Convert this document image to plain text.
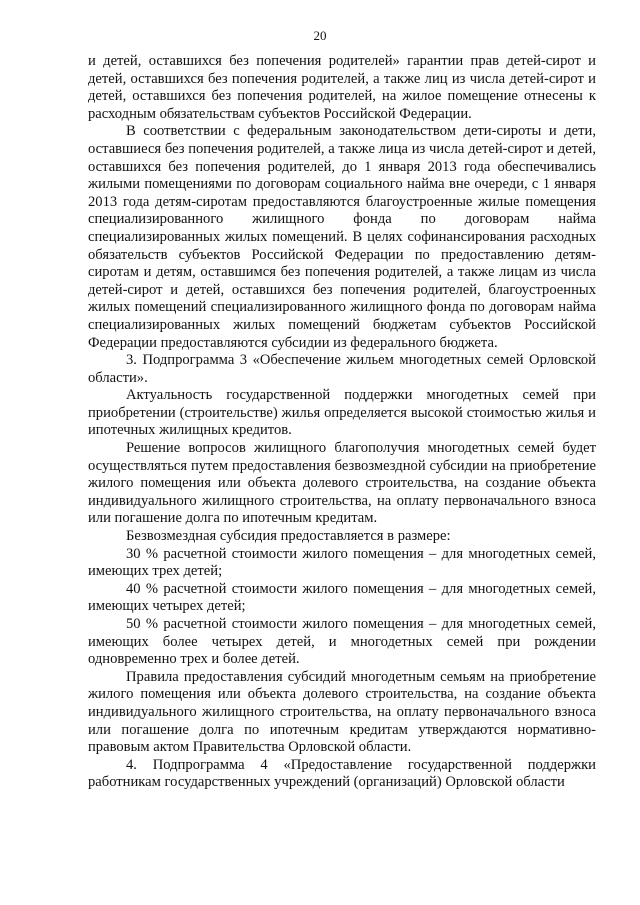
20

и детей, оставшихся без попечения родителей» гарантии прав детей-сирот и детей, оставшихся без попечения родителей, а также лиц из числа детей-сирот и детей, оставшихся без попечения родителей, на жилое помещение отнесены к расходным обязательствам субъектов Российской Федерации.

В соответствии с федеральным законодательством дети-сироты и дети, оставшиеся без попечения родителей, а также лица из числа детей-сирот и детей, оставшихся без попечения родителей, до 1 января 2013 года обеспечивались жилыми помещениями по договорам социального найма вне очереди, с 1 января 2013 года детям-сиротам предоставляются благоустроенные жилые помещения специализированного жилищного фонда по договорам найма специализированных жилых помещений. В целях софинансирования расходных обязательств субъектов Российской Федерации по предоставлению детям-сиротам и детям, оставшимся без попечения родителей, а также лицам из числа детей-сирот и детей, оставшихся без попечения родителей, благоустроенных жилых помещений специализированного жилищного фонда по договорам найма специализированных жилых помещений бюджетам субъектов Российской Федерации предоставляются субсидии из федерального бюджета.

3. Подпрограмма 3 «Обеспечение жильем многодетных семей Орловской области».

Актуальность государственной поддержки многодетных семей при приобретении (строительстве) жилья определяется высокой стоимостью жилья и ипотечных жилищных кредитов.

Решение вопросов жилищного благополучия многодетных семей будет осуществляться путем предоставления безвозмездной субсидии на приобретение жилого помещения или объекта долевого строительства, на создание объекта индивидуального жилищного строительства, на оплату первоначального взноса или погашение долга по ипотечным кредитам.

Безвозмездная субсидия предоставляется в размере:

30 % расчетной стоимости жилого помещения – для многодетных семей, имеющих трех детей;

40 % расчетной стоимости жилого помещения – для многодетных семей, имеющих четырех детей;

50 % расчетной стоимости жилого помещения – для многодетных семей, имеющих более четырех детей, и многодетных семей при рождении одновременно трех и более детей.

Правила предоставления субсидий многодетным семьям на приобретение жилого помещения или объекта долевого строительства, на создание объекта индивидуального жилищного строительства, на оплату первоначального взноса или погашение долга по ипотечным кредитам утверждаются нормативно-правовым актом Правительства Орловской области.

4. Подпрограмма 4 «Предоставление государственной поддержки работникам государственных учреждений (организаций) Орловской области
